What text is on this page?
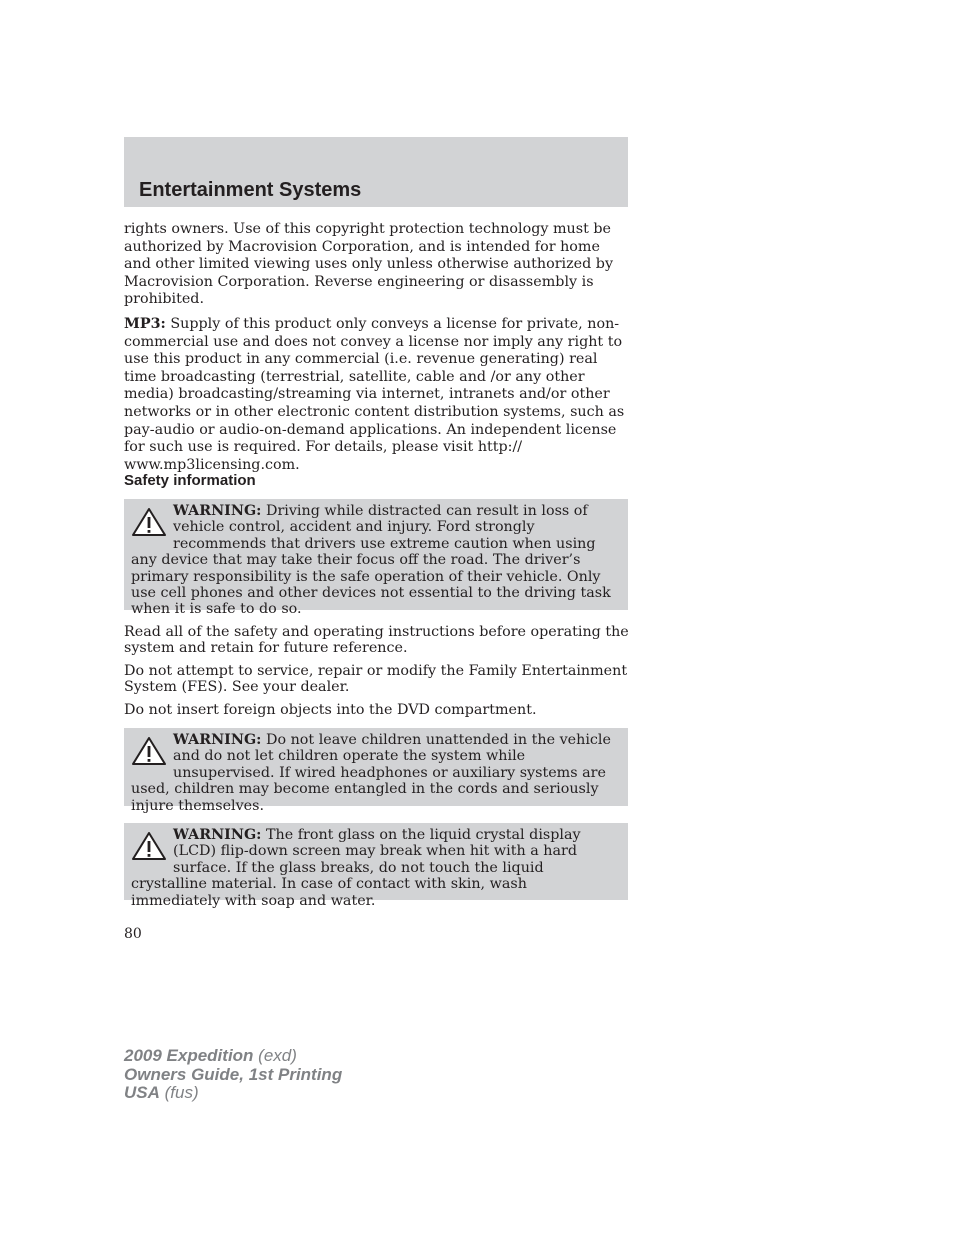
Entertainment Systems
rights owners. Use of this copyright protection technology must be authorized by Macrovision Corporation, and is intended for home and other limited viewing uses only unless otherwise authorized by Macrovision Corporation. Reverse engineering or disassembly is prohibited.
MP3: Supply of this product only conveys a license for private, non-commercial use and does not convey a license nor imply any right to use this product in any commercial (i.e. revenue generating) real time broadcasting (terrestrial, satellite, cable and /or any other media) broadcasting/streaming via internet, intranets and/or other networks or in other electronic content distribution systems, such as pay-audio or audio-on-demand applications. An independent license for such use is required. For details, please visit http:// www.mp3licensing.com.
Safety information
WARNING: Driving while distracted can result in loss of vehicle control, accident and injury. Ford strongly recommends that drivers use extreme caution when using any device that may take their focus off the road. The driver’s primary responsibility is the safe operation of their vehicle. Only use cell phones and other devices not essential to the driving task when it is safe to do so.
Read all of the safety and operating instructions before operating the system and retain for future reference.
Do not attempt to service, repair or modify the Family Entertainment System (FES). See your dealer.
Do not insert foreign objects into the DVD compartment.
WARNING: Do not leave children unattended in the vehicle and do not let children operate the system while unsupervised. If wired headphones or auxiliary systems are used, children may become entangled in the cords and seriously injure themselves.
WARNING: The front glass on the liquid crystal display (LCD) flip-down screen may break when hit with a hard surface. If the glass breaks, do not touch the liquid crystalline material. In case of contact with skin, wash immediately with soap and water.
80
2009 Expedition (exd)
Owners Guide, 1st Printing
USA (fus)
